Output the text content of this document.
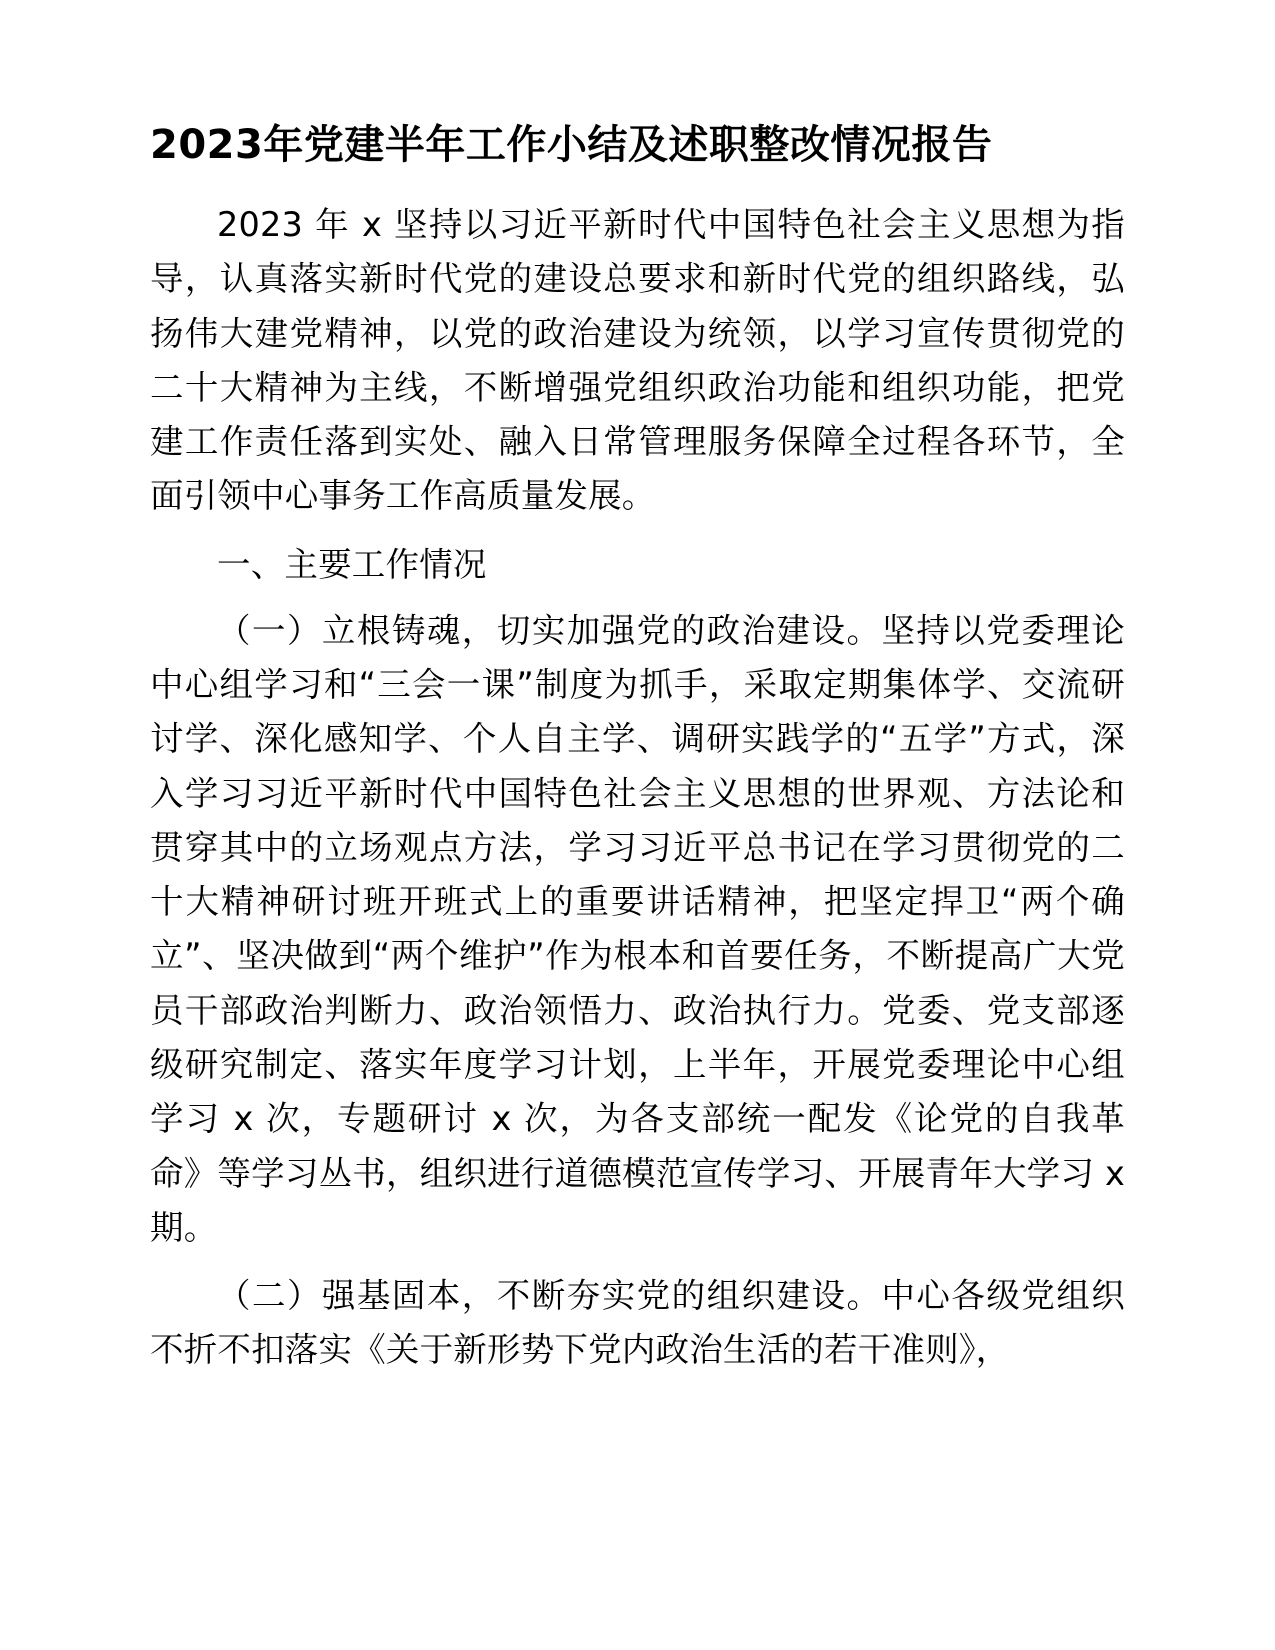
2023年党建半年工作小结及述职整改情况报告

2023 年 x 坚持以习近平新时代中国特色社会主义思想为指导，认真落实新时代党的建设总要求和新时代党的组织路线，弘扬伟大建党精神，以党的政治建设为统领，以学习宣传贯彻党的二十大精神为主线，不断增强党组织政治功能和组织功能，把党建工作责任落到实处、融入日常管理服务保障全过程各环节，全面引领中心事务工作高质量发展。

一、主要工作情况

（一）立根铸魂，切实加强党的政治建设。坚持以党委理论中心组学习和“三会一课”制度为抓手，采取定期集体学、交流研讨学、深化感知学、个人自主学、调研实践学的“五学”方式，深入学习习近平新时代中国特色社会主义思想的世界观、方法论和贯穿其中的立场观点方法，学习习近平总书记在学习贯彻党的二十大精神研讨班开班式上的重要讲话精神，把坚定捍卫“两个确立”、坚决做到“两个维护”作为根本和首要任务，不断提高广大党员干部政治判断力、政治领悟力、政治执行力。党委、党支部逐级研究制定、落实年度学习计划，上半年，开展党委理论中心组学习 x 次，专题研讨 x 次，为各支部统一配发《论党的自我革命》等学习丛书，组织进行道德模范宣传学习、开展青年大学习 x 期。

（二）强基固本，不断夯实党的组织建设。中心各级党组织不折不扣落实《关于新形势下党内政治生活的若干准则》，
